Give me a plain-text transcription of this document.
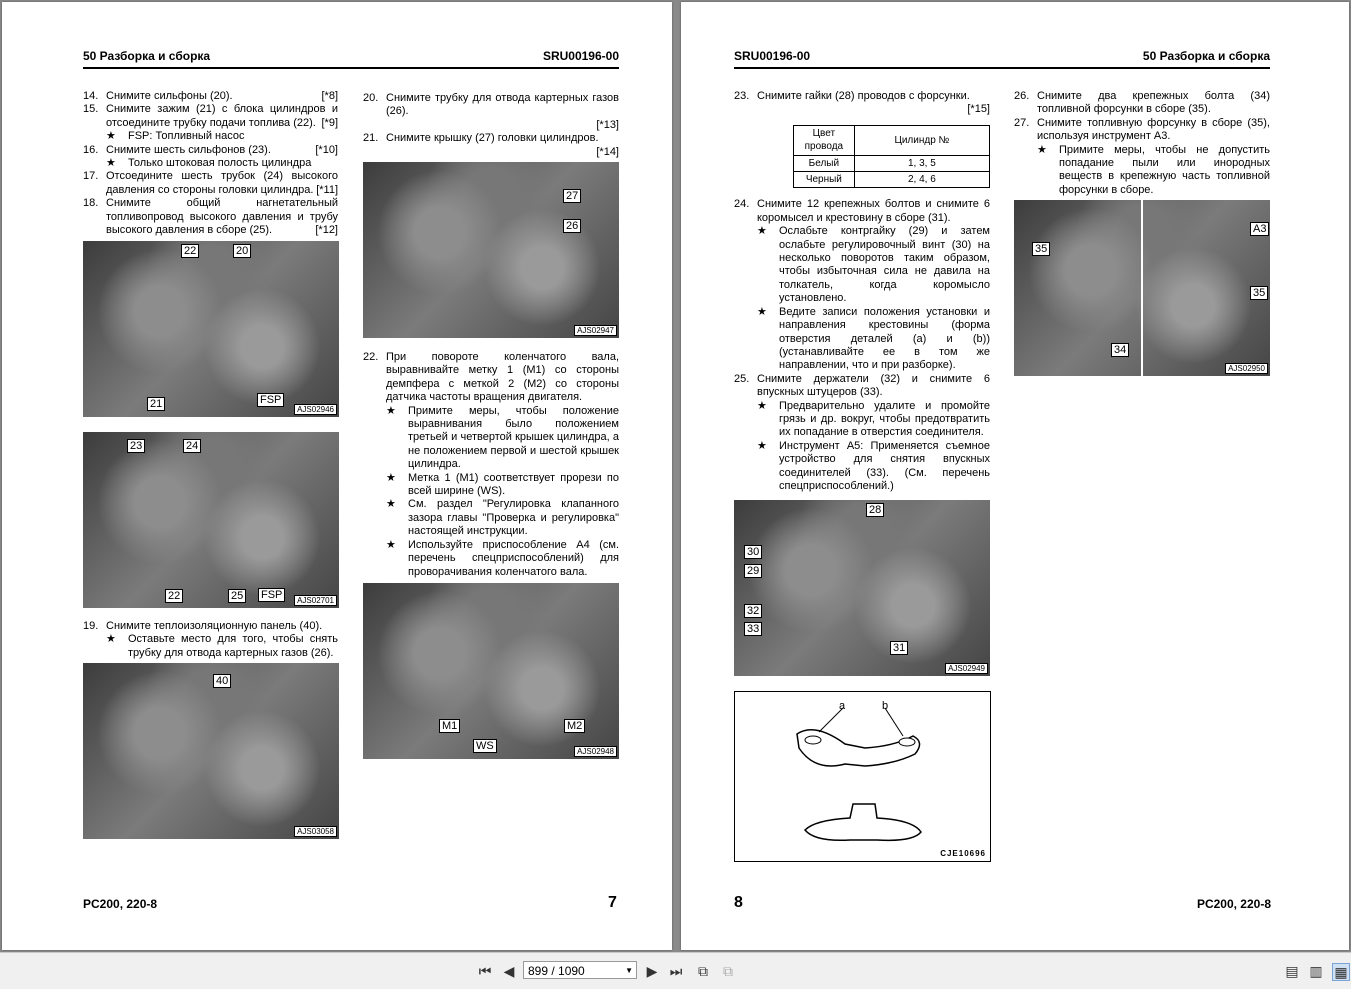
50 Разборка и сборка	SRU00196-00
14. Снимите сильфоны (20).	[*8]

15. Снимите зажим (21) с блока цилиндров и отсоедините трубку подачи топлива (22). [*9]

★ FSP: Топливный насос

16. Снимите шесть сильфонов (23).	[*10]

★ Только штоковая полость цилиндра

17. Отсоедините шесть трубок (24) высокого давления со стороны головки цилиндра. [*11]

18. Снимите общий нагнетательный топливопровод высокого давления и трубу высокого давления в сборе (25).	[*12]

22	20
21	FSP
AJS02946
23	24
22	25 FSP	AJS02701
19. Снимите теплоизоляционную панель (40).

★ Оставьте место для того, чтобы снять трубку для отвода картерных газов (26).

40
AJS03058
20. Снимите трубку для отвода картерных газов (26).

[*13]

21. Снимите крышку (27) головки цилиндров.

[*14]

27
26
AJS02947
22. При повороте коленчатого вала, выравнивайте метку 1 (M1) со стороны демпфера с меткой 2 (M2) со стороны датчика частоты вращения двигателя.

★ Примите меры, чтобы положение выравнивания было положением третьей и четвертой крышек цилиндра, а не положением первой и шестой крышек цилиндра.

★ Метка 1 (M1) соответствует прорези по всей ширине (WS).

★ См. раздел "Регулировка клапанного зазора главы "Проверка и регулировка" настоящей инструкции.

★ Используйте приспособление A4 (см. перечень спецприспособлений) для проворачивания коленчатого вала.

M1
WS
M2
AJS02948
PC200, 220-8	7
SRU00196-00	50 Разборка и сборка
23. Снимите гайки (28) проводов с форсунки.

[*15]

Цвет провода	Цилиндр №
Белый	1, 3, 5
Черный	2, 4, 6
24. Снимите 12 крепежных болтов и снимите 6 коромысел и крестовину в сборе (31).

★ Ослабьте контргайку (29) и затем ослабьте регулировочный винт (30) на несколько поворотов таким образом, чтобы избыточная сила не давила на толкатель, когда коромысло установлено.

★ Ведите записи положения установки и направления крестовины (форма отверстия деталей (a) и (b)) (устанавливайте ее в том же направлении, что и при разборке).

25. Снимите держатели (32) и снимите 6 впускных штуцеров (33).

★ Предварительно удалите и промойте грязь и др. вокруг, чтобы предотвратить их попадание в отверстия соединителя.

★ Инструмент A5: Применяется съемное устройство для снятия впускных соединителей (33). (См. перечень спецприспособлений.)

28
30
29
32
33
31
AJS02949
a	b
CJE10696
26. Снимите два крепежных болта (34) топливной форсунки в сборе (35).

27. Снимите топливную форсунку в сборе (35), используя инструмент A3.

★ Примите меры, чтобы не допустить попадание пыли или инородных веществ в крепежную часть топливной форсунки в сборе.

35
A3
35
34
AJS02950
8	PC200, 220-8
⏮ ◀	899 / 1090	▼ ▶ ⏭ ⧉ ⧉	▤ ▥ ▦
